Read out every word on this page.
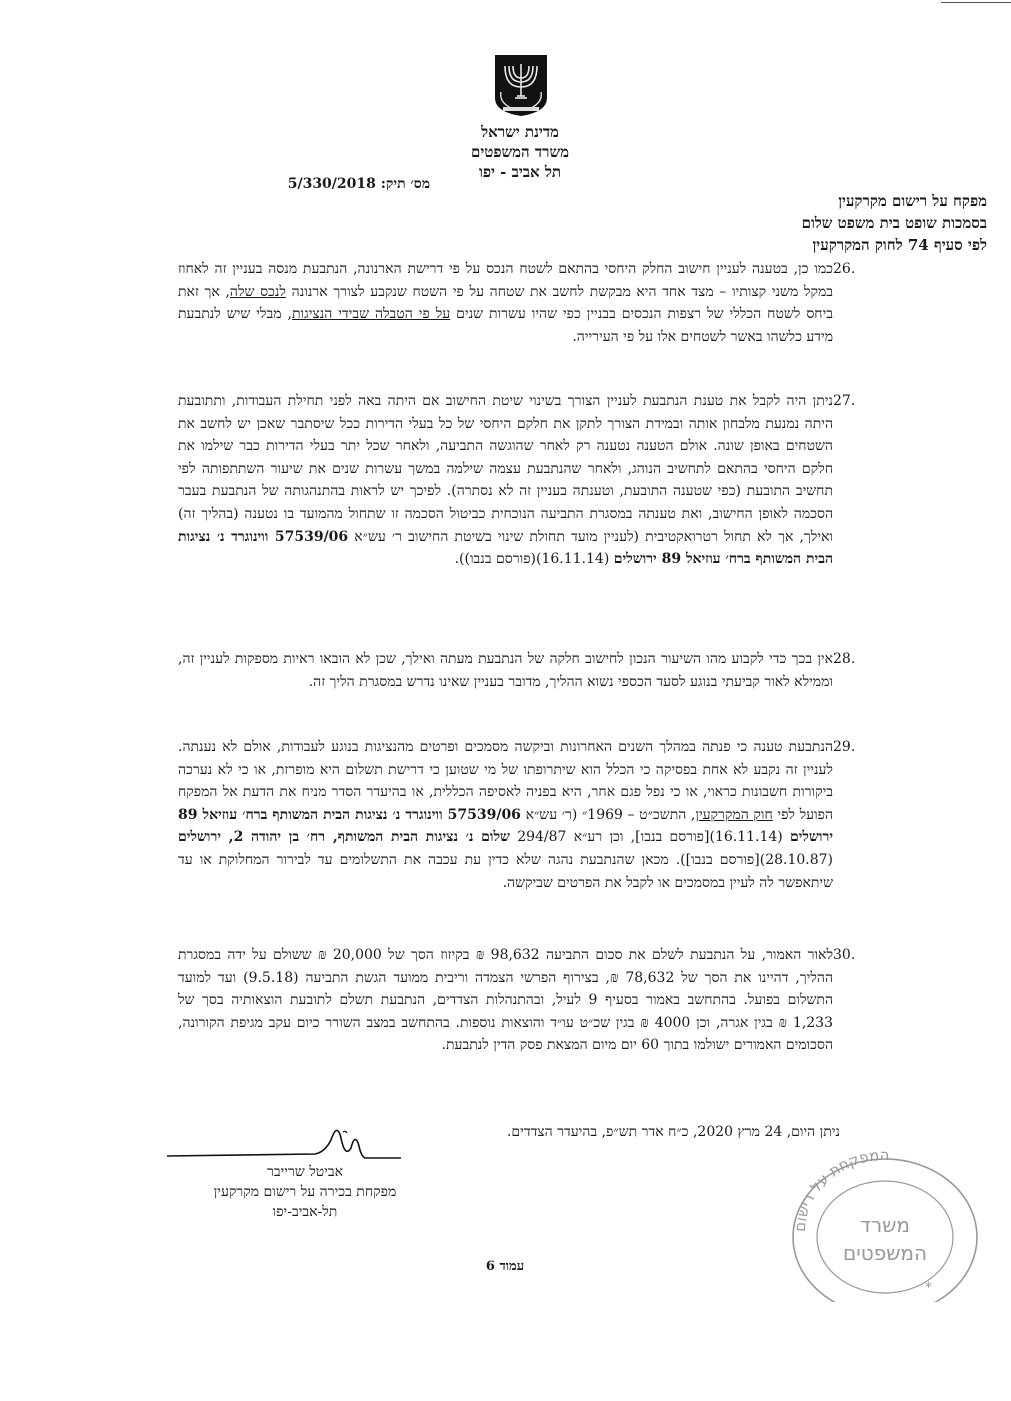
מדינת ישראל
משרד המשפטים
תל אביב - יפו
מס׳ תיק: 5/330/2018
מפקח על רישום מקרקעין
בסמכות שופט בית משפט שלום
לפי סעיף 74 לחוק המקרקעין
26.

כמו כן, בטענה לעניין חישוב החלק היחסי בהתאם לשטח הנכס על פי דרישת הארנונה, הנתבעת מנסה בעניין זה לאחוז במקל משני קצותיו – מצד אחד היא מבקשת לחשב את שטחה על פי השטח שנקבע לצורך ארנונה לנכס שלה, אך זאת ביחס לשטח הכללי של רצפות הנכסים בבניין כפי שהיו עשרות שנים על פי הטבלה שבידי הנציגות, מבלי שיש לנתבעת מידע כלשהו באשר לשטחים אלו על פי העירייה.

27.

ניתן היה לקבל את טענת הנתבעת לעניין הצורך בשינוי שיטת החישוב אם היתה באה לפני תחילת העבודות, ותתובעת היתה נמנעת מלבחון אותה ובמידת הצורך לתקן את חלקם היחסי של כל בעלי הדירות ככל שיסתבר שאכן יש לחשב את השטחים באופן שונה. אולם הטענה נטענה רק לאחר שהוגשה התביעה, ולאחר שכל יתר בעלי הדירות כבר שילמו את חלקם היחסי בהתאם לתחשיב הנוהג, ולאחר שהנתבעת עצמה שילמה במשך עשרות שנים את שיעור השתתפותה לפי תחשיב התובעת (כפי שטענה התובעת, וטענתה בעניין זה לא נסתרה). לפיכך יש לראות בהתנהגותה של הנתבעת בעבר הסכמה לאופן החישוב, ואת טענתה במסגרת התביעה הנוכחית כביטול הסכמה זו שתחול מהמועד בו נטענה (בהליך זה) ואילך, אך לא תחול רטרואקטיבית (לעניין מועד תחולת שינוי בשיטת החישוב ר׳ עש״א 57539/06 ווינוגרד נ׳ נציגות הבית המשותף ברח׳ עוזיאל 89 ירושלים (16.11.14)(פורסם בנבו)).

28.

אין בכך כדי לקבוע מהו השיעור הנכון לחישוב חלקה של הנתבעת מעתה ואילך, שכן לא הובאו ראיות מספקות לעניין זה, וממילא לאור קביעתי בנוגע לסעד הכספי נשוא ההליך, מדובר בעניין שאינו נדרש במסגרת הליך זה.

29.

הנתבעת טענה כי פנתה במהלך השנים האחרונות וביקשה מסמכים ופרטים מהנציגות בנוגע לעבודות, אולם לא נענתה. לעניין זה נקבע לא אחת בפסיקה כי הכלל הוא שיתרופתו של מי שטוען כי דרישת תשלום היא מופרזת, או כי לא נערכה ביקורות חשבונות כראוי, או כי נפל פגם אחר, היא בפניה לאסיפה הכללית, או בהיעדר הסדר מניח את הדעת אל המפקח הפועל לפי חוק המקרקעין, התשכ״ט – 1969״ (ר׳ עש״א 57539/06 ווינוגרד נ׳ נציגות הבית המשותף ברח׳ עוזיאל 89 ירושלים (16.11.14)[פורסם בנבו], וכן רע״א 294/87 שלום נ׳ נציגות הבית המשותף, רח׳ בן יהודה 2, ירושלים (28.10.87)[פורסם בנבו]). מכאן שהנתבעת נהגה שלא כדין עת עכבה את התשלומים עד לבירור המחלוקת או עד שיתאפשר לה לעיין במסמכים או לקבל את הפרטים שביקשה.

30.

לאור האמור, על הנתבעת לשלם את סכום התביעה 98,632 ₪ בקיזוז הסך של 20,000 ₪ ששולם על ידה במסגרת ההליך, דהיינו את הסך של 78,632 ₪, בצירוף הפרשי הצמדה וריבית ממועד הגשת התביעה (9.5.18) ועד למועד התשלום בפועל. בהתחשב באמור בסעיף 9 לעיל, ובהתנהלות הצדדים, הנתבעת תשלם לתובעת הוצאותיה בסך של 1,233 ₪ בגין אגרה, וכן 4000 ₪ בגין שכ״ט עו״ד והוצאות נוספות. בהתחשב במצב השורר כיום עקב מגיפת הקורונה, הסכומים האמורים ישולמו בתוך 60 יום מיום המצאת פסק הדין לנתבעת.

ניתן היום, 24 מרץ 2020, כ״ח אדר תש״פ, בהיעדר הצדדים.
אביטל שרייבר
מפקחת בכירה על רישום מקרקעין
תל-אביב-יפו
המפקחת על רישום
משרד
המשפטים
*
עמוד 6
